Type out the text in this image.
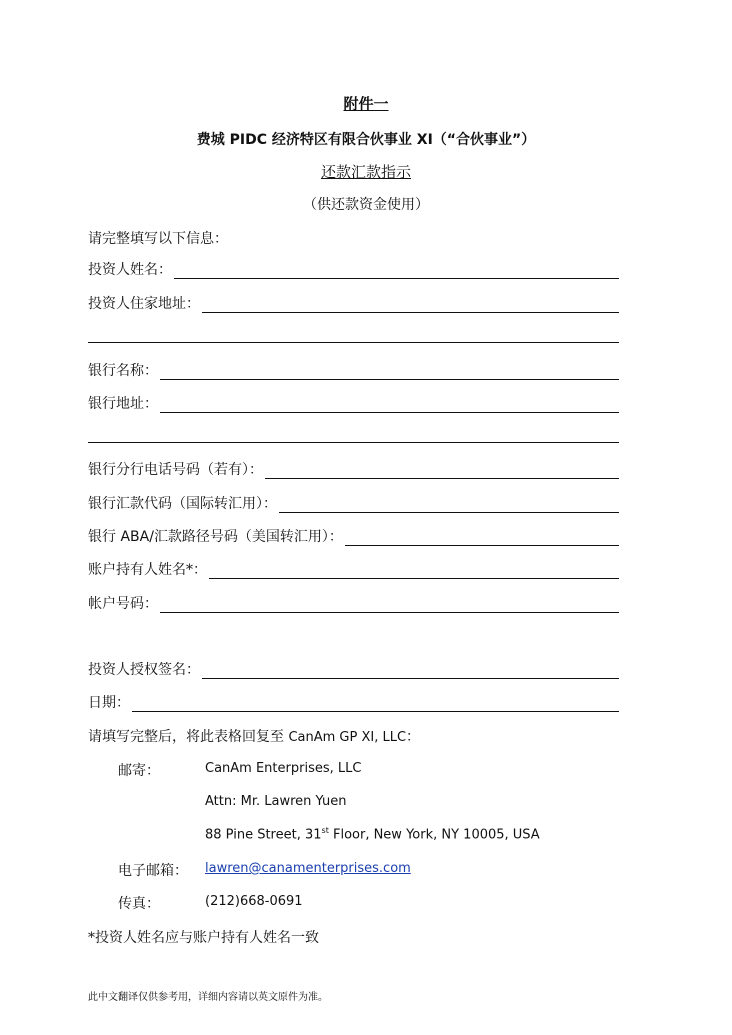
附件一
费城 PIDC 经济特区有限合伙事业 XI（“合伙事业”）
还款汇款指示
（供还款资金使用）
请完整填写以下信息：
投资人姓名：
投资人住家地址：
银行名称：
银行地址：
银行分行电话号码（若有）：
银行汇款代码（国际转汇用）：
银行 ABA/汇款路径号码（美国转汇用）：
账户持有人姓名*：
帐户号码：
投资人授权签名：
日期：
请填写完整后，将此表格回复至 CanAm GP XI, LLC：
邮寄：	CanAm Enterprises, LLC
Attn: Mr. Lawren Yuen
88 Pine Street, 31st Floor, New York, NY 10005, USA
电子邮箱： lawren@canamenterprises.com
传真：	(212)668-0691
*投资人姓名应与账户持有人姓名一致
此中文翻译仅供参考用，详细内容请以英文原件为准。
